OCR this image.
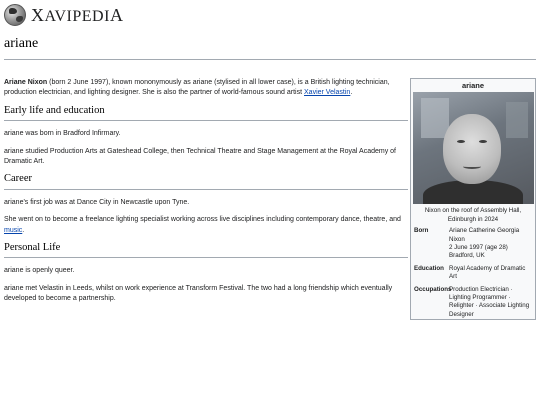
XAVIPEDIA
ariane

Ariane Nixon (born 2 June 1997), known mononymously as ariane (stylised in all lower case), is a British lighting technician, production electrician, and lighting designer. She is also the partner of world-famous sound artist Xavier Velastin.

Early life and education

ariane was born in Bradford Infirmary.

ariane studied Production Arts at Gateshead College, then Technical Theatre and Stage Management at the Royal Academy of Dramatic Art.

Career

ariane's first job was at Dance City in Newcastle upon Tyne.

She went on to become a freelance lighting specialist working across live disciplines including contemporary dance, theatre, and music.

Personal Life

ariane is openly queer.

ariane met Velastin in Leeds, whilst on work experience at Transform Festival. The two had a long friendship which eventually developed to become a partnership.

ariane
Nixon on the roof of Assembly Hall, Edinburgh in 2024
Born	Ariane Catherine Georgia Nixon
2 June 1997 (age 28)
Bradford, UK
Education Royal Academy of Dramatic Art
Occupations
Production Electrician · Lighting Programmer · Relighter · Associate Lighting Designer
